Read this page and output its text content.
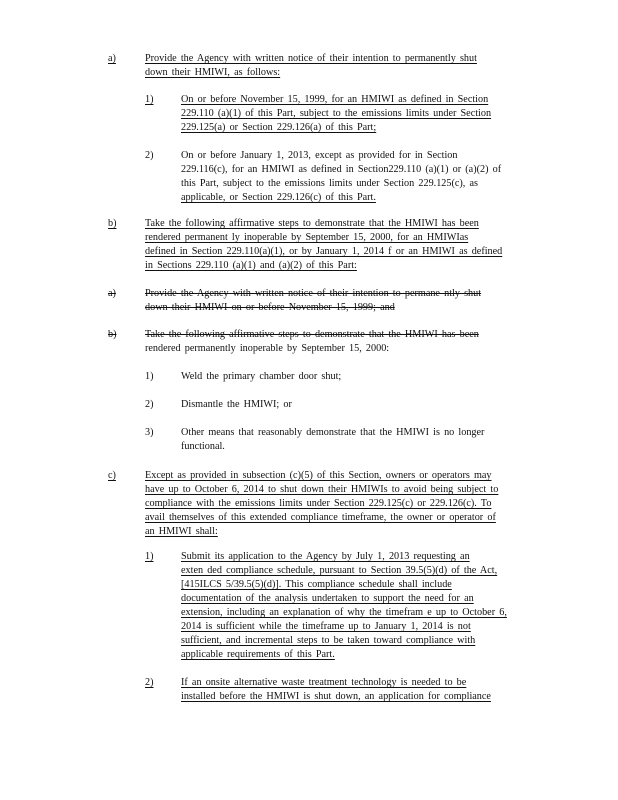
a)	Provide the Agency with written notice of their intention to permanently shut
down their HMIWI, as follows:
1)	On or before November 15, 1999, for an HMIWI as defined in Section
229.110 (a)(1) of this Part, subject to the emissions limits under Section
229.125(a) or Section 229.126(a) of this Part;
2)	On or before January 1, 2013, except as provided for in Section
229.116(c), for an HMIWI as defined in Section229.110 (a)(1) or (a)(2) of
this Part, subject to the emissions limits under Section 229.125(c), as
applicable, or Section 229.126(c) of this Part.
b)	Take the following affirmative steps to demonstrate that the HMIWI has been
rendered permanent ly inoperable by September 15, 2000, for an HMIWIas
defined in Section 229.110(a)(1), or by January 1, 2014 f or an HMIWI as defined
in Sections 229.110 (a)(1) and (a)(2) of this Part:
a)	Provide the Agency with written notice of their intention to permane ntly shut
down their HMIWI on or before November 15, 1999; and
b)	Take the following affirmative steps to demonstrate that the HMIWI has been
rendered permanently inoperable by September 15, 2000:
1)	Weld the primary chamber door shut;
2)	Dismantle the HMIWI; or
3)	Other means that reasonably demonstrate that the HMIWI is no longer
functional.
c)	Except as provided in subsection (c)(5) of this Section, owners or operators may
have up to October 6, 2014 to shut down their HMIWIs to avoid being subject to
compliance with the emissions limits under Section 229.125(c) or 229.126(c). To
avail themselves of this extended compliance timeframe, the owner or operator of
an HMIWI shall:
1)	Submit its application to the Agency by July 1, 2013 requesting an
exten ded compliance schedule, pursuant to Section 39.5(5)(d) of the Act,
[415ILCS 5/39.5(5)(d)]. This compliance schedule shall include
documentation of the analysis undertaken to support the need for an
extension, including an explanation of why the timefram e up to October 6,
2014 is sufficient while the timeframe up to January 1, 2014 is not
sufficient, and incremental steps to be taken toward compliance with
applicable requirements of this Part.
2)	If an onsite alternative waste treatment technology is needed to be
installed before the HMIWI is shut down, an application for compliance
